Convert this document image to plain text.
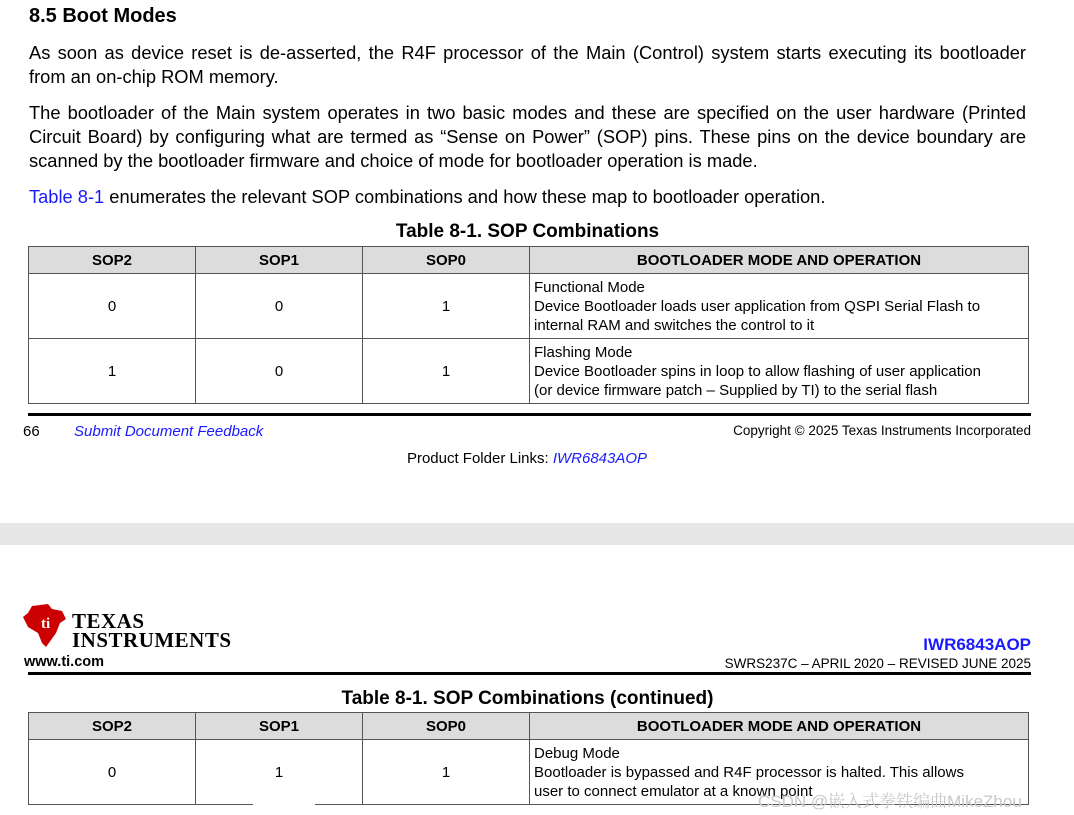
8.5 Boot Modes
As soon as device reset is de-asserted, the R4F processor of the Main (Control) system starts executing its bootloader from an on-chip ROM memory.
The bootloader of the Main system operates in two basic modes and these are specified on the user hardware (Printed Circuit Board) by configuring what are termed as “Sense on Power” (SOP) pins. These pins on the device boundary are scanned by the bootloader firmware and choice of mode for bootloader operation is made.
Table 8-1 enumerates the relevant SOP combinations and how these map to bootloader operation.
Table 8-1. SOP Combinations
SOP2	SOP1	SOP0	BOOTLOADER MODE AND OPERATION
0	0	1	Functional Mode
Device Bootloader loads user application from QSPI Serial Flash to
internal RAM and switches the control to it

1	0	1	Flashing Mode
Device Bootloader spins in loop to allow flashing of user application
(or device firmware patch – Supplied by TI) to the serial flash
66 Submit Document Feedback	Copyright © 2025 Texas Instruments Incorporated
Product Folder Links: IWR6843AOP
ti TEXAS
INSTRUMENTS
www.ti.com
IWR6843AOP
SWRS237C – APRIL 2020 – REVISED JUNE 2025
Table 8-1. SOP Combinations (continued)
SOP2	SOP1	SOP0	BOOTLOADER MODE AND OPERATION
0	1	1	Debug Mode
Bootloader is bypassed and R4F processor is halted. This allows
user to connect emulator at a known point
CSDN @嵌入式拳铁编曲MikeZhou
